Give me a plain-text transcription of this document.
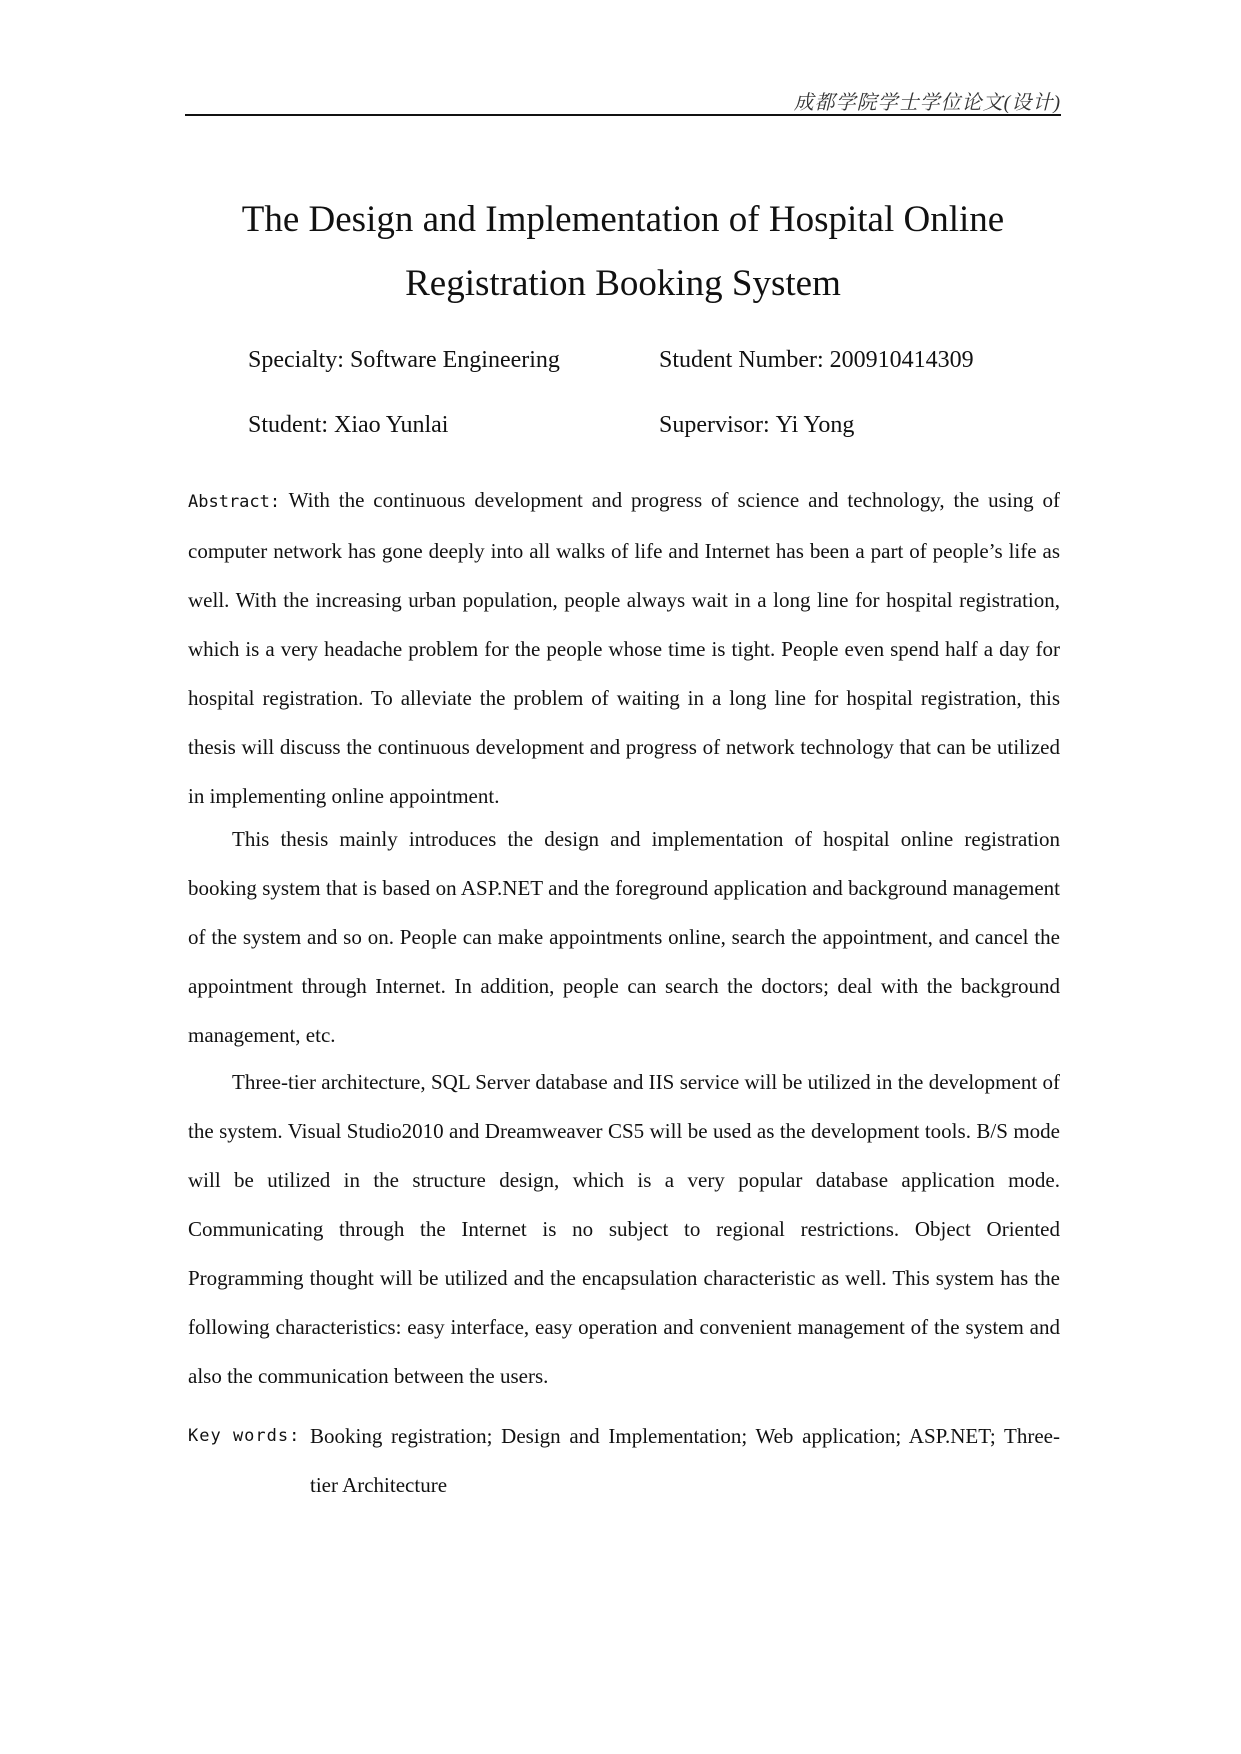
成都学院学士学位论文(设计)
The Design and Implementation of Hospital Online
Registration Booking System
Specialty: Software Engineering	Student Number: 200910414309
Student: Xiao Yunlai	Supervisor: Yi Yong

Abstract: With the continuous development and progress of science and technology, the using of computer network has gone deeply into all walks of life and Internet has been a part of people’s life as well. With the increasing urban population, people always wait in a long line for hospital registration, which is a very headache problem for the people whose time is tight. People even spend half a day for hospital registration. To alleviate the problem of waiting in a long line for hospital registration, this thesis will discuss the continuous development and progress of network technology that can be utilized in implementing online appointment.

This thesis mainly introduces the design and implementation of hospital online registration booking system that is based on ASP.NET and the foreground application and background management of the system and so on. People can make appointments online, search the appointment, and cancel the appointment through Internet. In addition, people can search the doctors; deal with the background management, etc.

Three-tier architecture, SQL Server database and IIS service will be utilized in the development of the system. Visual Studio2010 and Dreamweaver CS5 will be used as the development tools. B/S mode will be utilized in the structure design, which is a very popular database application mode. Communicating through the Internet is no subject to regional restrictions. Object Oriented Programming thought will be utilized and the encapsulation characteristic as well. This system has the following characteristics: easy interface, easy operation and convenient management of the system and also the communication between the users.

Key words: Booking registration; Design and Implementation; Web application; ASP.NET; Three-tier Architecture
